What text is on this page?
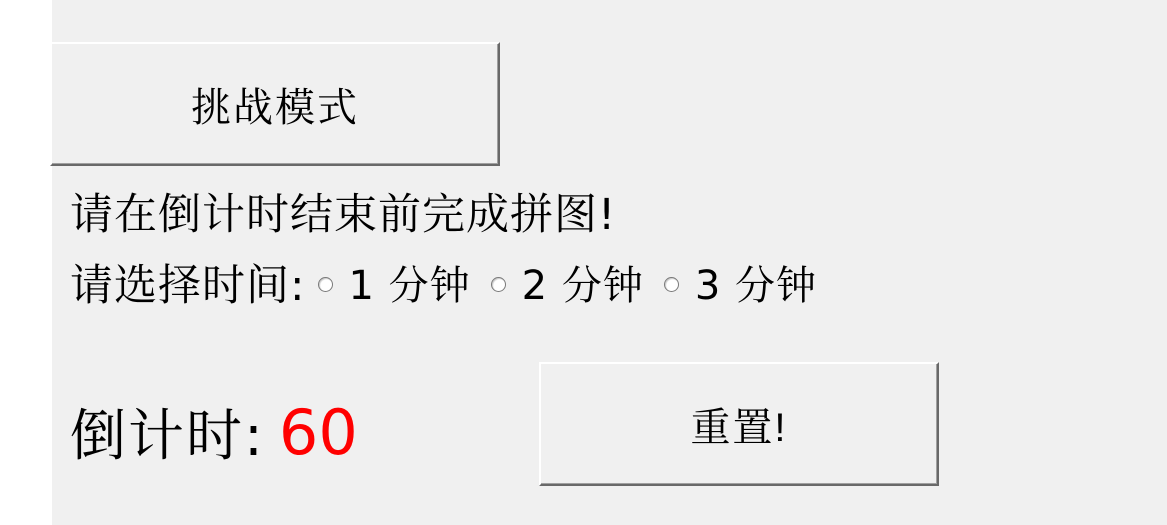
挑战模式
请在倒计时结束前完成拼图!
请选择时间: 1 分钟 2 分钟 3 分钟
倒计时: 60	重置!
